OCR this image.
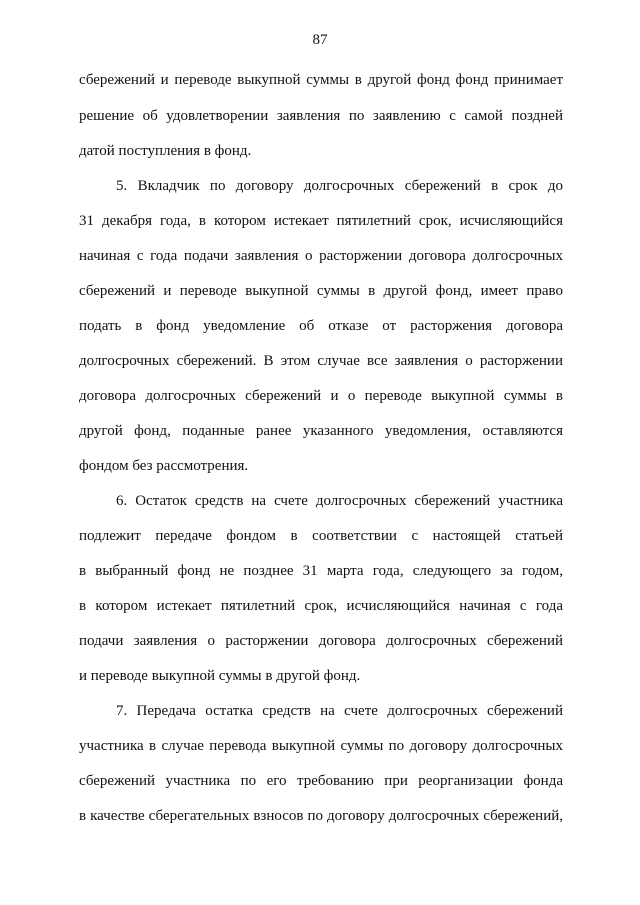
87
сбережений и переводе выкупной суммы в другой фонд фонд принимает
решение об удовлетворении заявления по заявлению с самой поздней
датой поступления в фонд.
5. Вкладчик по договору долгосрочных сбережений в срок до
31 декабря года, в котором истекает пятилетний срок, исчисляющийся
начиная с года подачи заявления о расторжении договора долгосрочных
сбережений и переводе выкупной суммы в другой фонд, имеет право
подать в фонд уведомление об отказе от расторжения договора
долгосрочных сбережений. В этом случае все заявления о расторжении
договора долгосрочных сбережений и о переводе выкупной суммы в
другой фонд, поданные ранее указанного уведомления, оставляются
фондом без рассмотрения.
6. Остаток средств на счете долгосрочных сбережений участника
подлежит передаче фондом в соответствии с настоящей статьей
в выбранный фонд не позднее 31 марта года, следующего за годом,
в котором истекает пятилетний срок, исчисляющийся начиная с года
подачи заявления о расторжении договора долгосрочных сбережений
и переводе выкупной суммы в другой фонд.
7. Передача остатка средств на счете долгосрочных сбережений
участника в случае перевода выкупной суммы по договору долгосрочных
сбережений участника по его требованию при реорганизации фонда
в качестве сберегательных взносов по договору долгосрочных сбережений,
